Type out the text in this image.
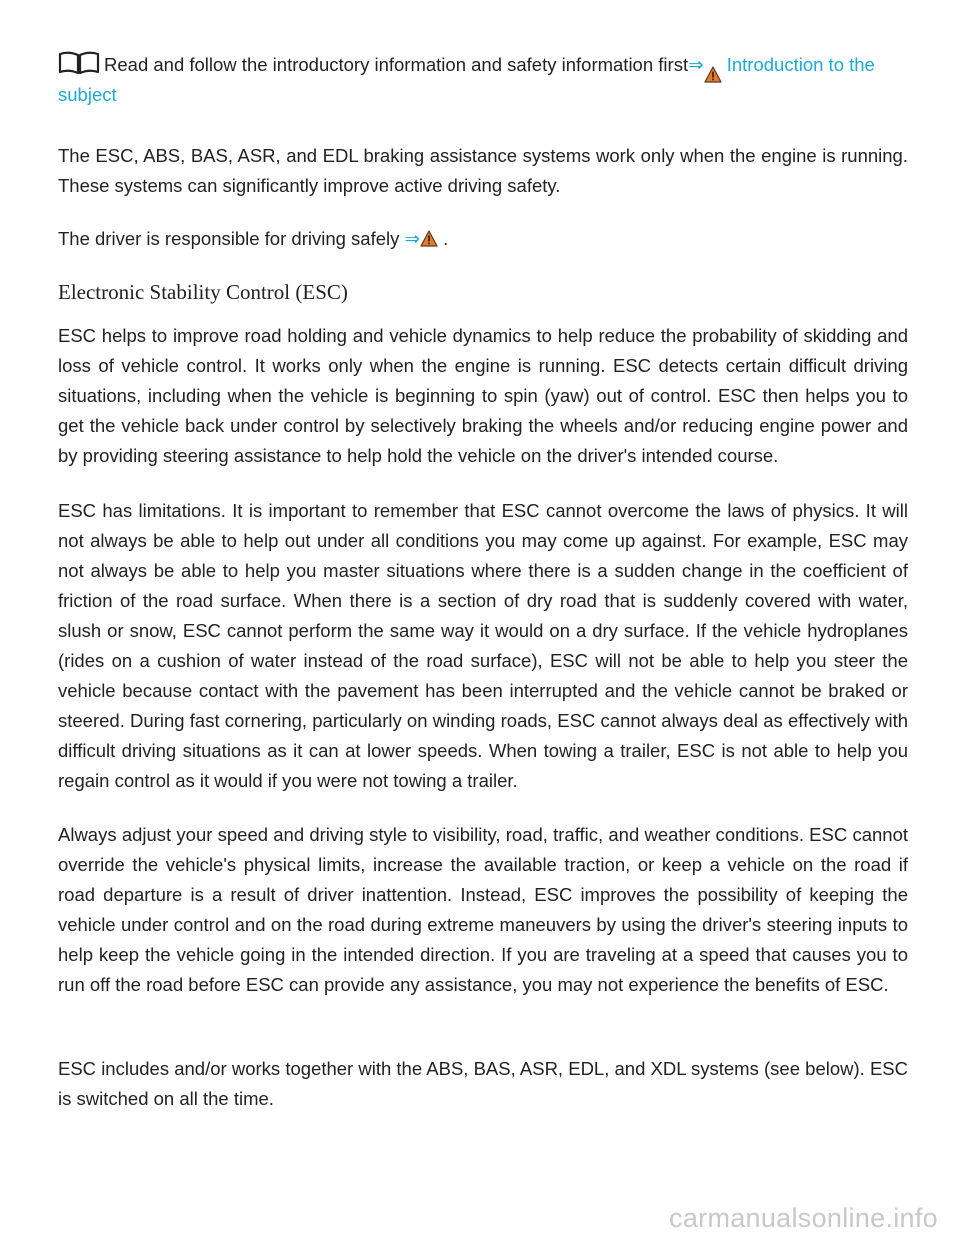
Read and follow the introductory information and safety information first⇒ Introduction to the
subject

The ESC, ABS, BAS, ASR, and EDL braking assistance systems work only when the engine is running. These systems can significantly improve active driving safety.

The driver is responsible for driving safely ⇒ .

Electronic Stability Control (ESC)

ESC helps to improve road holding and vehicle dynamics to help reduce the probability of skidding and loss of vehicle control. It works only when the engine is running. ESC detects certain difficult driving situations, including when the vehicle is beginning to spin (yaw) out of control. ESC then helps you to get the vehicle back under control by selectively braking the wheels and/or reducing engine power and by providing steering assistance to help hold the vehicle on the driver's intended course.

ESC has limitations. It is important to remember that ESC cannot overcome the laws of physics. It will not always be able to help out under all conditions you may come up against. For example, ESC may not always be able to help you master situations where there is a sudden change in the coefficient of friction of the road surface. When there is a section of dry road that is suddenly covered with water, slush or snow, ESC cannot perform the same way it would on a dry surface. If the vehicle hydroplanes (rides on a cushion of water instead of the road surface), ESC will not be able to help you steer the vehicle because contact with the pavement has been interrupted and the vehicle cannot be braked or steered. During fast cornering, particularly on winding roads, ESC cannot always deal as effectively with difficult driving situations as it can at lower speeds. When towing a trailer, ESC is not able to help you regain control as it would if you were not towing a trailer.

Always adjust your speed and driving style to visibility, road, traffic, and weather conditions. ESC cannot override the vehicle's physical limits, increase the available traction, or keep a vehicle on the road if road departure is a result of driver inattention. Instead, ESC improves the possibility of keeping the vehicle under control and on the road during extreme maneuvers by using the driver's steering inputs to help keep the vehicle going in the intended direction. If you are traveling at a speed that causes you to run off the road before ESC can provide any assistance, you may not experience the benefits of ESC.

ESC includes and/or works together with the ABS, BAS, ASR, EDL, and XDL systems (see below). ESC is switched on all the time.

carmanualsonline.info
